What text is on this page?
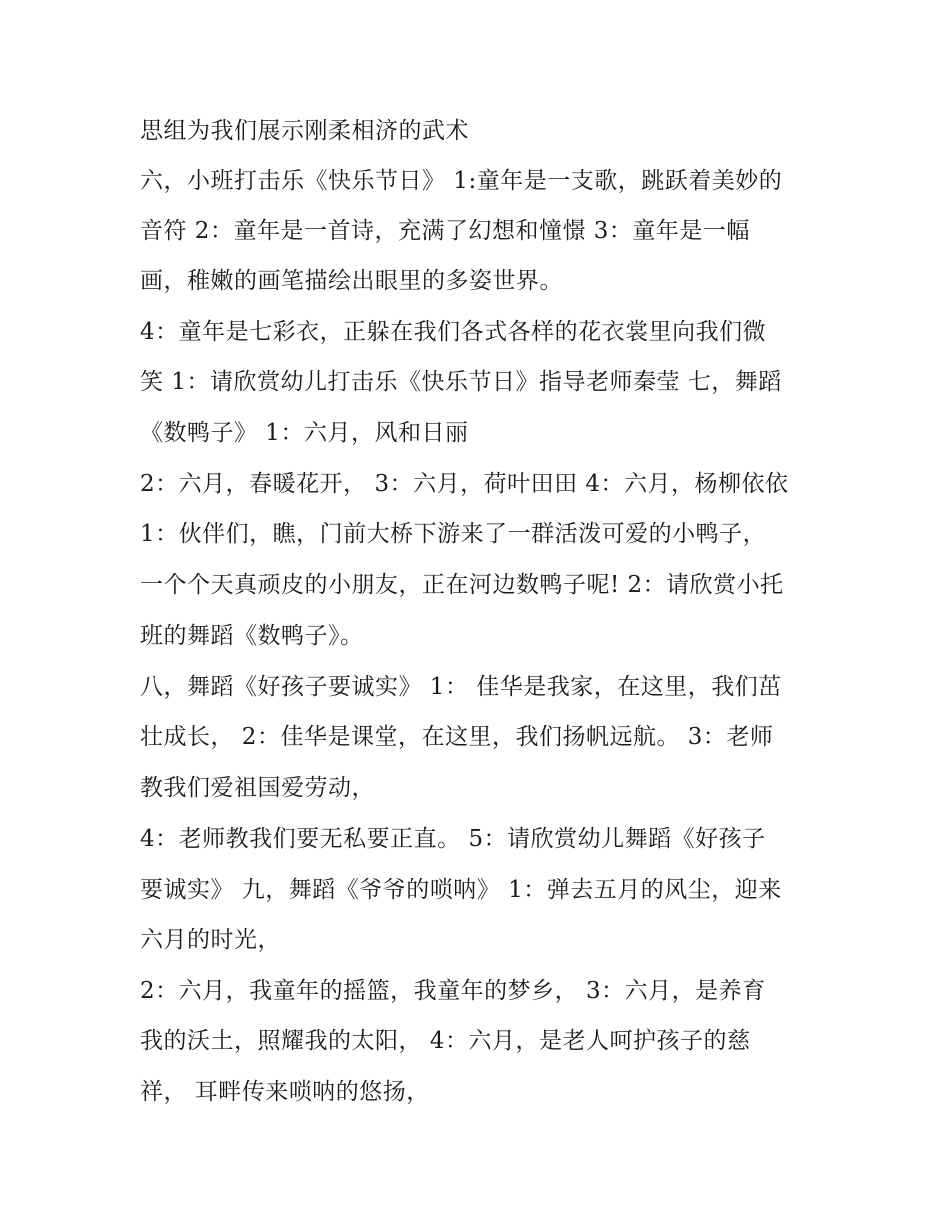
思组为我们展示刚柔相济的武术
六，小班打击乐《快乐节日》 1:童年是一支歌，跳跃着美妙的
音符 2：童年是一首诗，充满了幻想和憧憬 3：童年是一幅
画，稚嫩的画笔描绘出眼里的多姿世界。
4：童年是七彩衣，正躲在我们各式各样的花衣裳里向我们微
笑 1：请欣赏幼儿打击乐《快乐节日》指导老师秦莹 七，舞蹈
《数鸭子》 1：六月，风和日丽
2：六月，春暖花开， 3：六月，荷叶田田 4：六月，杨柳依依
1：伙伴们，瞧，门前大桥下游来了一群活泼可爱的小鸭子，
一个个天真顽皮的小朋友，正在河边数鸭子呢! 2：请欣赏小托
班的舞蹈《数鸭子》。
八，舞蹈《好孩子要诚实》 1： 佳华是我家，在这里，我们茁
壮成长， 2：佳华是课堂，在这里，我们扬帆远航。 3：老师
教我们爱祖国爱劳动，
4：老师教我们要无私要正直。 5：请欣赏幼儿舞蹈《好孩子
要诚实》 九，舞蹈《爷爷的唢呐》 1：弹去五月的风尘，迎来
六月的时光，
2：六月，我童年的摇篮，我童年的梦乡， 3：六月，是养育
我的沃土，照耀我的太阳， 4：六月，是老人呵护孩子的慈
祥， 耳畔传来唢呐的悠扬，
